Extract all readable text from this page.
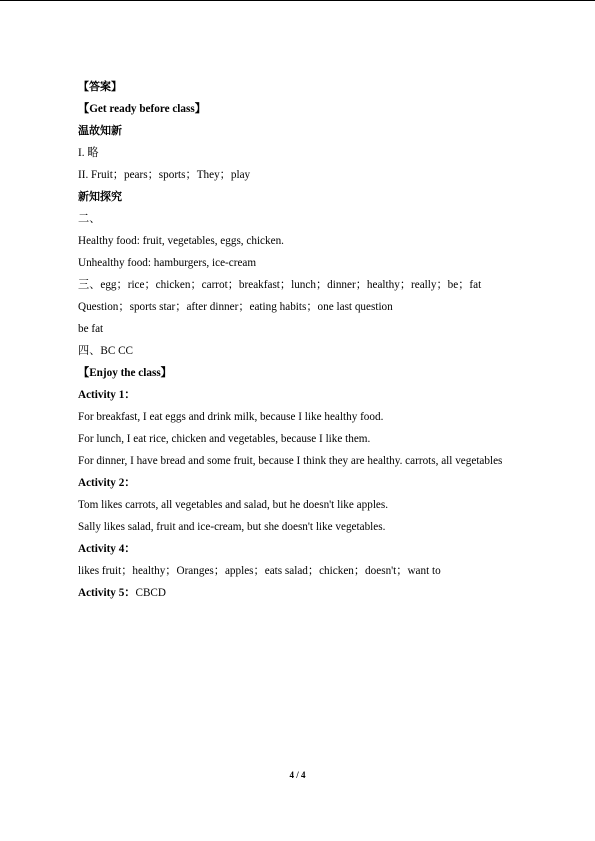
【答案】
【Get ready before class】
温故知新
I. 略
II. Fruit；pears；sports；They；play
新知探究
二、
Healthy food: fruit, vegetables, eggs, chicken.
Unhealthy food: hamburgers, ice-cream
三、egg；rice；chicken；carrot；breakfast；lunch；dinner；healthy；really；be；fat
Question；sports star；after dinner；eating habits；one last question
be fat
四、BC CC
【Enjoy the class】
Activity 1：
For breakfast, I eat eggs and drink milk, because I like healthy food.
For lunch, I eat rice, chicken and vegetables, because I like them.
For dinner, I have bread and some fruit, because I think they are healthy. carrots, all vegetables
Activity 2：
Tom likes carrots, all vegetables and salad, but he doesn't like apples.
Sally likes salad, fruit and ice-cream, but she doesn't like vegetables.
Activity 4：
likes fruit；healthy；Oranges；apples；eats salad；chicken；doesn't；want to
Activity 5：CBCD
4 / 4
